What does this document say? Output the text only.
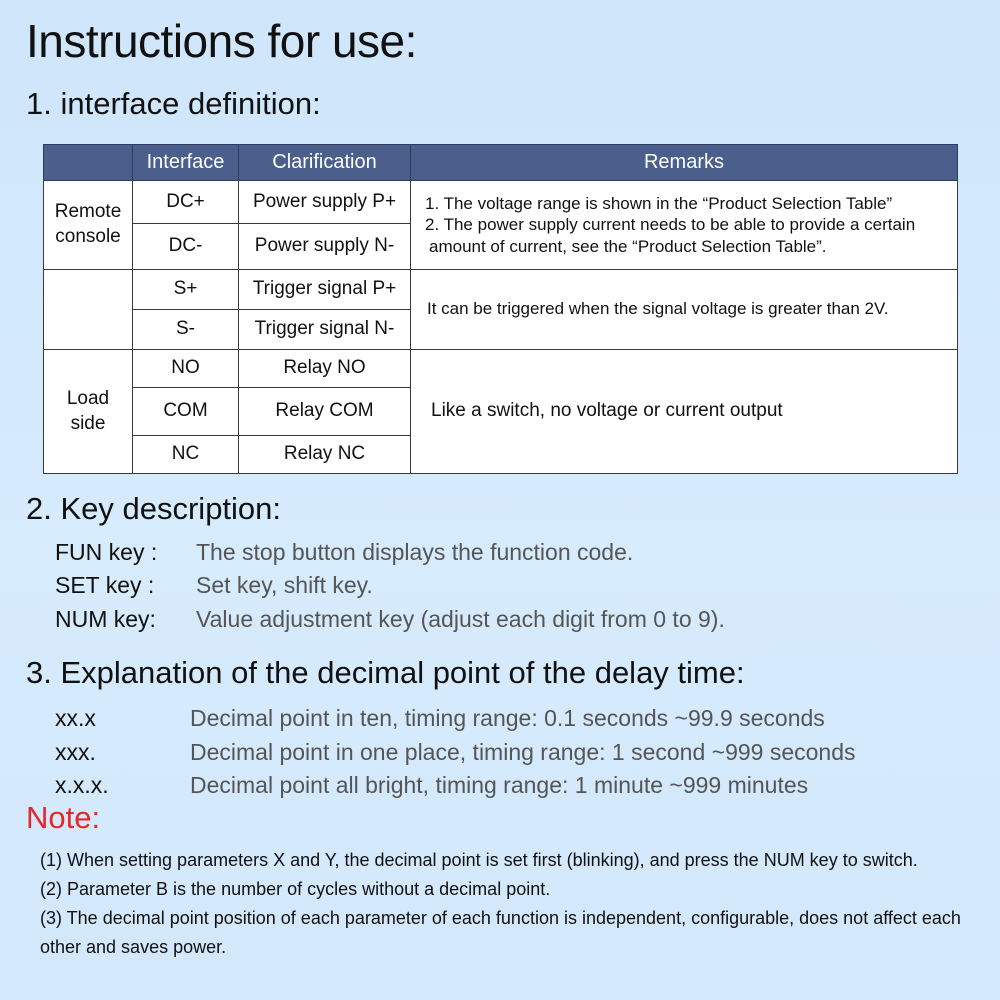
Instructions for use:
1. interface definition:
	Interface	Clarification	Remarks
Remote console	DC+	Power supply P+	1. The voltage range is shown in the “Product Selection Table”
2. The power supply current needs to be able to provide a certain
amount of current, see the “Product Selection Table”.

	DC-	Power supply N-	
	S+	Trigger signal P+	It can be triggered when the signal voltage is greater than 2V.
	S-	Trigger signal N-	

Load side	NO	Relay NO	Like a switch, no voltage or current output
	COM	Relay COM	
	NC	Relay NC	
2. Key description:
FUN key : The stop button displays the function code.
SET key : Set key, shift key.
NUM key: Value adjustment key (adjust each digit from 0 to 9).
3. Explanation of the decimal point of the delay time:
xx.x	Decimal point in ten, timing range: 0.1 seconds ~99.9 seconds
xxx.	Decimal point in one place, timing range: 1 second ~999 seconds
x.x.x.	Decimal point all bright, timing range: 1 minute ~999 minutes
Note:

(1) When setting parameters X and Y, the decimal point is set first (blinking), and press the NUM key to switch.

(2) Parameter B is the number of cycles without a decimal point.

(3) The decimal point position of each parameter of each function is independent, configurable, does not affect each other and saves power.
